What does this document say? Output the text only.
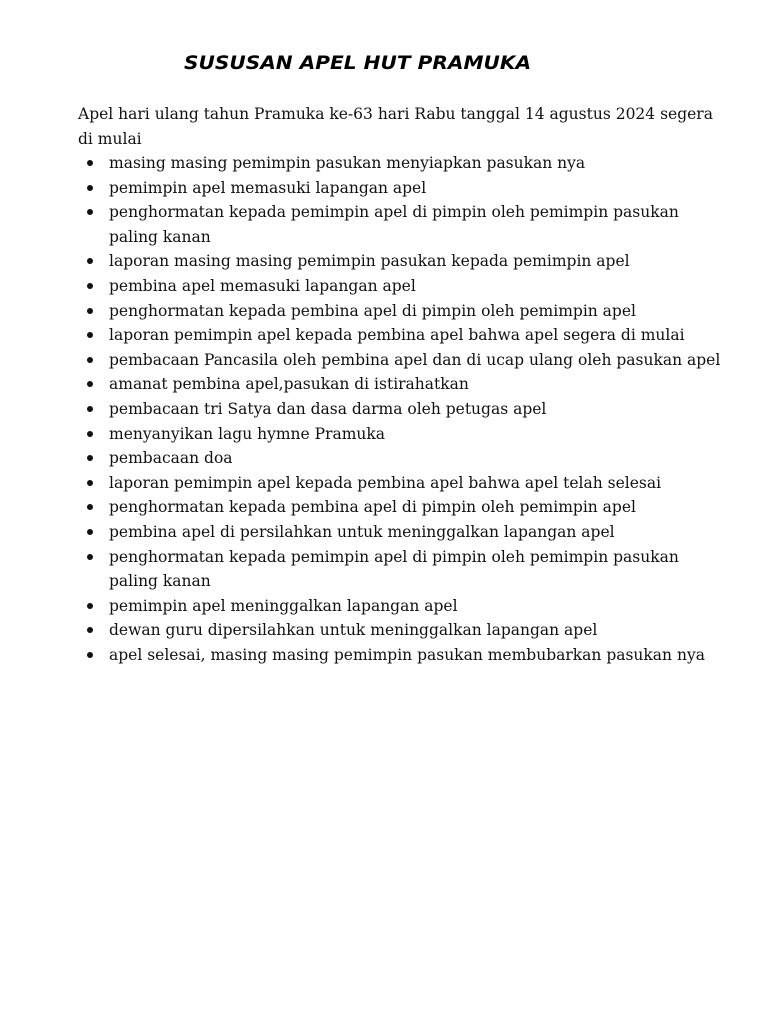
SUSUSAN APEL HUT PRAMUKA

Apel hari ulang tahun Pramuka ke-63 hari Rabu tanggal 14 agustus 2024 segera di mulai

masing masing pemimpin pasukan menyiapkan pasukan nya
pemimpin apel memasuki lapangan apel
penghormatan kepada pemimpin apel di pimpin oleh pemimpin pasukan paling kanan
laporan masing masing pemimpin pasukan kepada pemimpin apel
pembina apel memasuki lapangan apel
penghormatan kepada pembina apel di pimpin oleh pemimpin apel
laporan pemimpin apel kepada pembina apel bahwa apel segera di mulai
pembacaan Pancasila oleh pembina apel dan di ucap ulang oleh pasukan apel
amanat pembina apel,pasukan di istirahatkan
pembacaan tri Satya dan dasa darma oleh petugas apel
menyanyikan lagu hymne Pramuka
pembacaan doa
laporan pemimpin apel kepada pembina apel bahwa apel telah selesai
penghormatan kepada pembina apel di pimpin oleh pemimpin apel
pembina apel di persilahkan untuk meninggalkan lapangan apel
penghormatan kepada pemimpin apel di pimpin oleh pemimpin pasukan paling kanan
pemimpin apel meninggalkan lapangan apel
dewan guru dipersilahkan untuk meninggalkan lapangan apel
apel selesai, masing masing pemimpin pasukan membubarkan pasukan nya
